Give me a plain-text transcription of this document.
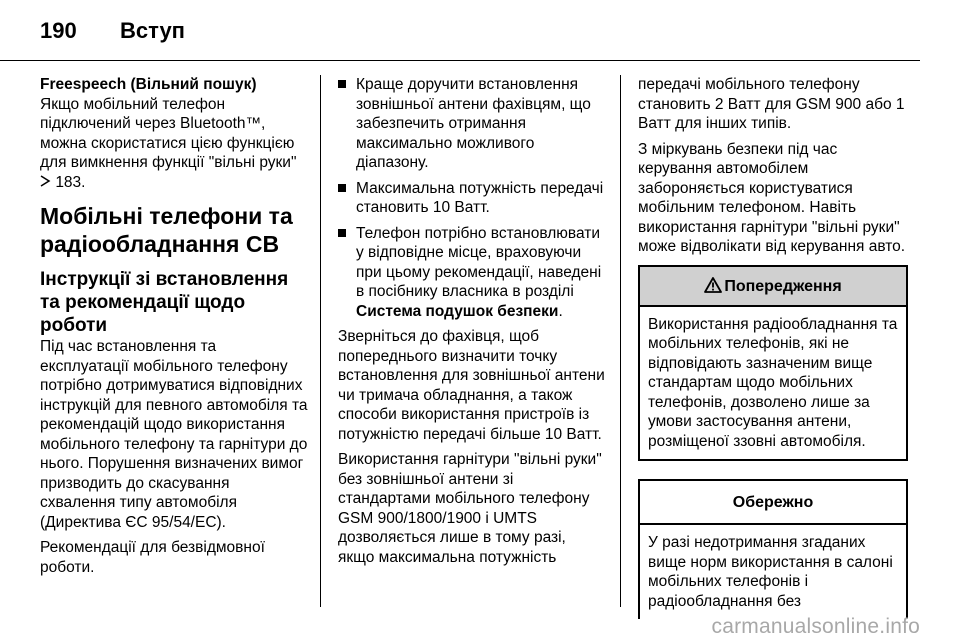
190 Вступ

Freespeech (Вільний пошук)
Якщо мобільний телефон підключений через Bluetooth™, можна скористатися цією функцією для вимкнення функції "вільні руки"
183.

Мобільні телефони та радіообладнання CB
Інструкції зі встановлення та рекомендації щодо роботи

Під час встановлення та експлуатації мобільного телефону потрібно дотримуватися відповідних інструкцій для певного автомобіля та рекомендацій щодо використання мобільного телефону та гарнітури до нього. Порушення визначених вимог призводить до скасування схвалення типу автомобіля (Директива ЄС 95/54/EC).

Рекомендації для безвідмовної роботи.

Краще доручити встановлення зовнішньої антени фахівцям, що забезпечить отримання максимально можливого діапазону.
Максимальна потужність передачі становить 10 Ватт.
Телефон потрібно встановлювати у відповідне місце, враховуючи при цьому рекомендації, наведені в посібнику власника в розділі Система подушок безпеки.

Зверніться до фахівця, щоб попереднього визначити точку встановлення для зовнішньої антени чи тримача обладнання, а також способи використання пристроїв із потужністю передачі більше 10 Ватт.

Використання гарнітури "вільні руки" без зовнішньої антени зі стандартами мобільного телефону GSM 900/1800/1900 і UMTS дозволяється лише в тому разі, якщо максимальна потужність

передачі мобільного телефону становить 2 Ватт для GSM 900 або 1 Ватт для інших типів.

З міркувань безпеки під час керування автомобілем забороняється користуватися мобільним телефоном. Навіть використання гарнітури "вільні руки" може відволікати від керування авто.

Попередження
Використання радіообладнання та мобільних телефонів, які не відповідають зазначеним вище стандартам щодо мобільних телефонів, дозволено лише за умови застосування антени, розміщеної ззовні автомобіля.
Обережно
У разі недотримання згаданих вище норм використання в салоні мобільних телефонів і радіообладнання без
carmanualsonline.info
